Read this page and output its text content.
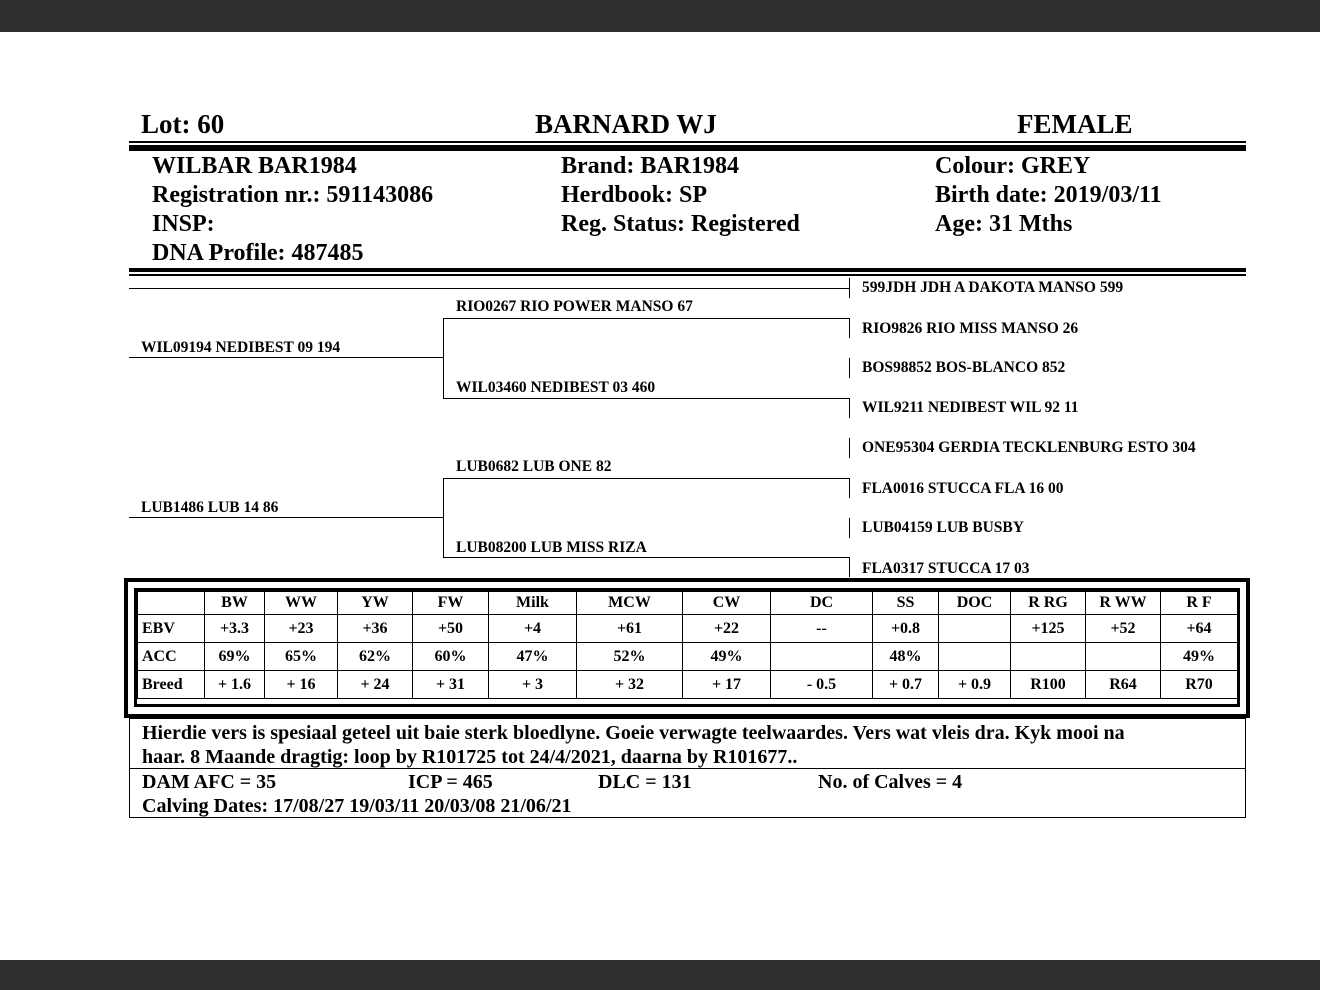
Lot: 60	BARNARD WJ	FEMALE
WILBAR BAR1984
Registration nr.: 591143086
INSP:
DNA Profile: 487485
Brand: BAR1984
Herdbook: SP
Reg. Status: Registered
Colour: GREY
Birth date: 2019/03/11
Age: 31 Mths
WIL09194 NEDIBEST 09 194
LUB1486 LUB 14 86
RIO0267 RIO POWER MANSO 67
WIL03460 NEDIBEST 03 460
LUB0682 LUB ONE 82
LUB08200 LUB MISS RIZA
599JDH JDH A DAKOTA MANSO 599
RIO9826 RIO MISS MANSO 26
BOS98852 BOS-BLANCO 852
WIL9211 NEDIBEST WIL 92 11
ONE95304 GERDIA TECKLENBURG ESTO 304
FLA0016 STUCCA FLA 16 00
LUB04159 LUB BUSBY
FLA0317 STUCCA 17 03
	BW	WW	YW	FW	Milk	MCW	CW	DC	SS	DOC	R RG	R WW	R F
EBV	+3.3	+23	+36	+50	+4	+61	+22	--	+0.8		+125	+52	+64
ACC	69%	65%	62%	60%	47%	52%	49%		48%				49%
Breed	+ 1.6	+ 16	+ 24	+ 31	+ 3	+ 32	+ 17	- 0.5	+ 0.7	+ 0.9	R100	R64	R70
Hierdie vers is spesiaal geteel uit baie sterk bloedlyne. Goeie verwagte teelwaardes. Vers wat vleis dra. Kyk mooi na
haar. 8 Maande dragtig: loop by R101725 tot 24/4/2021, daarna by R101677..
DAM AFC = 35	ICP = 465	DLC = 131	No. of Calves = 4
Calving Dates: 17/08/27 19/03/11 20/03/08 21/06/21
